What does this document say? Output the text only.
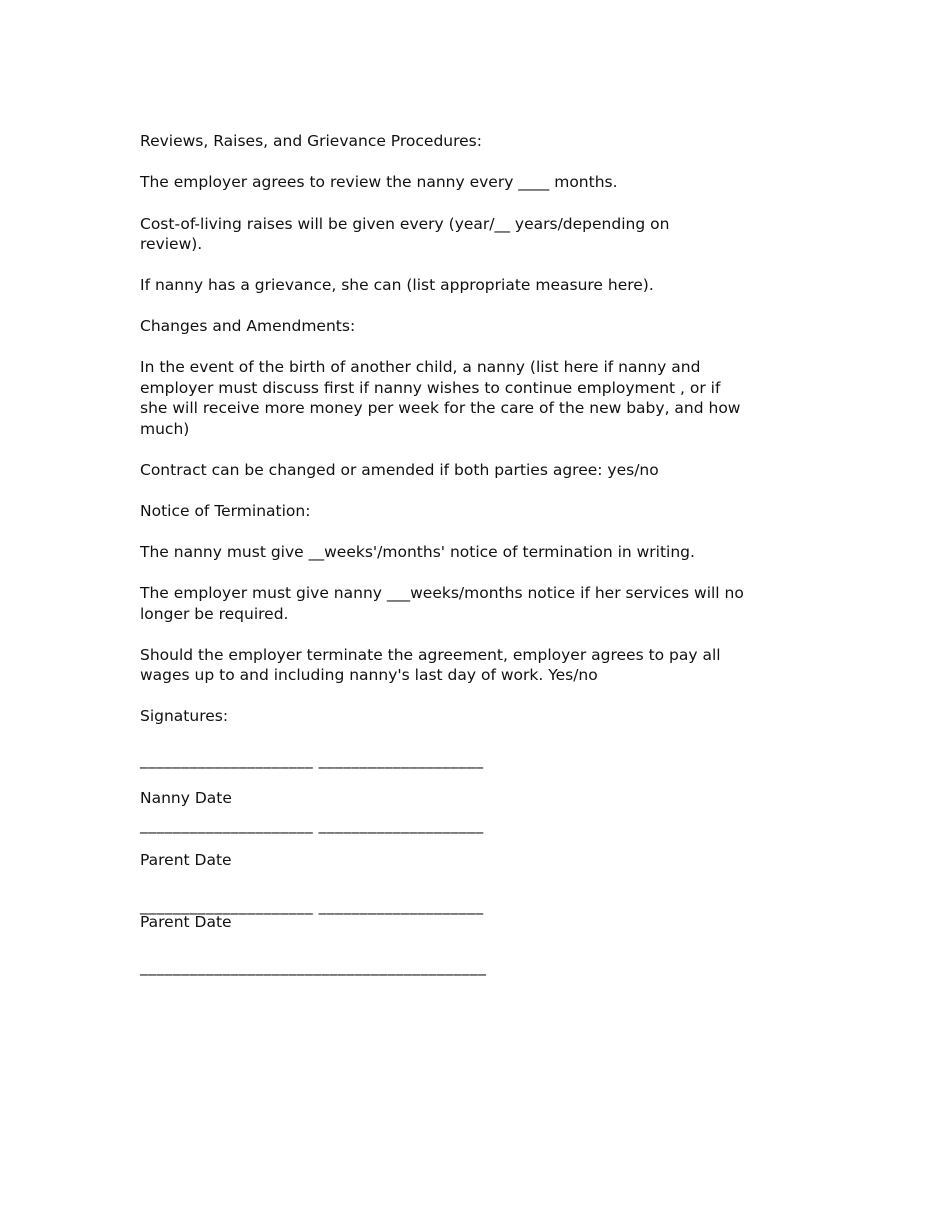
Reviews, Raises, and Grievance Procedures:

The employer agrees to review the nanny every ____ months.

Cost-of-living raises will be given every (year/__ years/depending on

review).

If nanny has a grievance, she can (list appropriate measure here).

Changes and Amendments:

In the event of the birth of another child, a nanny (list here if nanny and

employer must discuss first if nanny wishes to continue employment , or if

she will receive more money per week for the care of the new baby, and how

much)

Contract can be changed or amended if both parties agree: yes/no

Notice of Termination:

The nanny must give __weeks'/months' notice of termination in writing.

The employer must give nanny ___weeks/months notice if her services will no

longer be required.

Should the employer terminate the agreement, employer agrees to pay all

wages up to and including nanny's last day of work. Yes/no

Signatures:

_____________________ ____________________

Nanny Date

_____________________ ____________________

Parent Date

_____________________ ____________________

Parent Date

__________________________________________
